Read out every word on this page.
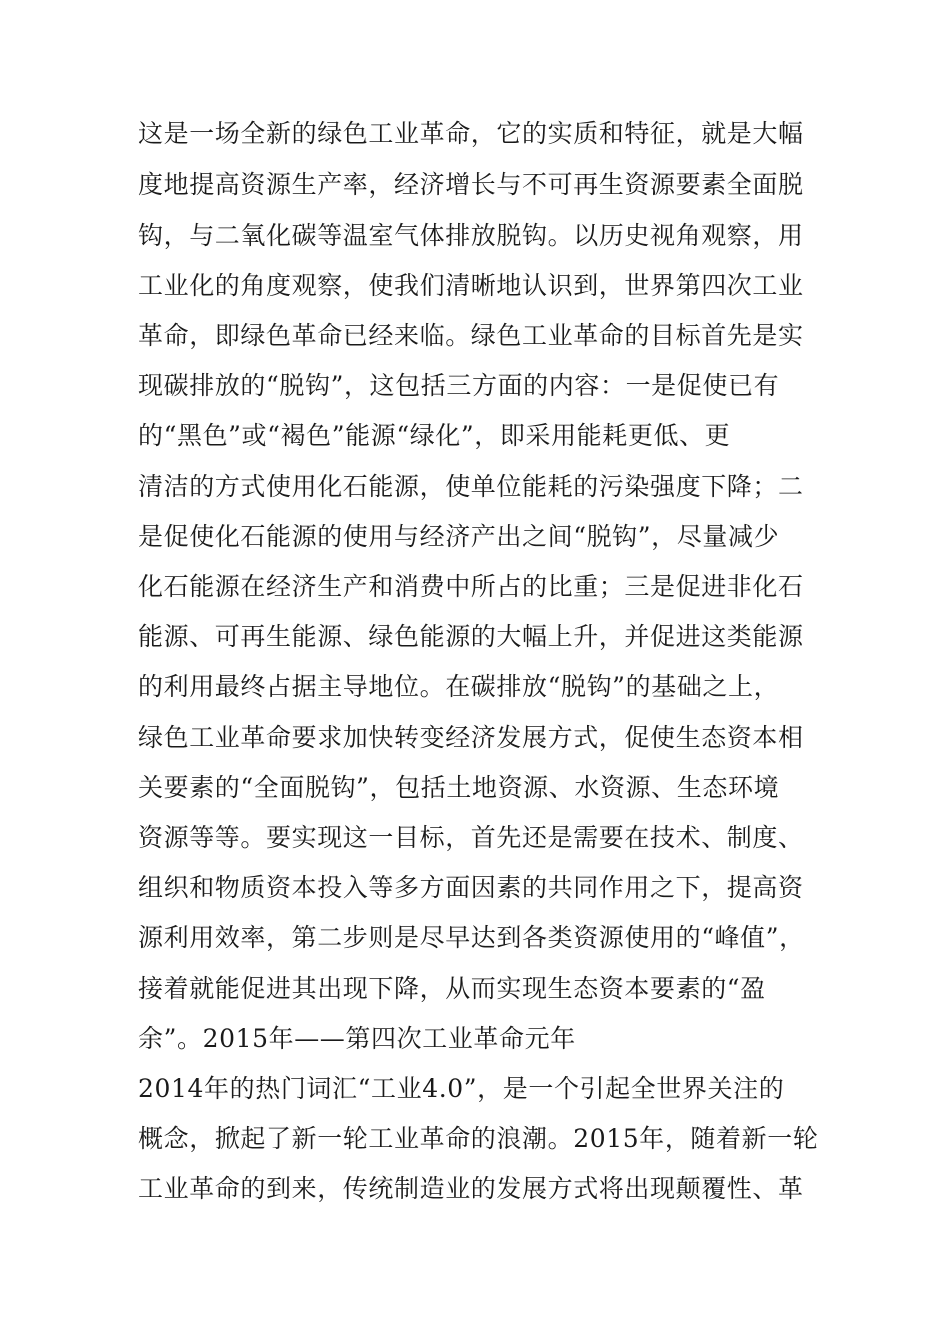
这是一场全新的绿色工业革命，它的实质和特征，就是大幅
度地提高资源生产率，经济增长与不可再生资源要素全面脱
钩，与二氧化碳等温室气体排放脱钩。以历史视角观察，用
工业化的角度观察，使我们清晰地认识到，世界第四次工业
革命，即绿色革命已经来临。绿色工业革命的目标首先是实
现碳排放的“脱钩”，这包括三方面的内容：一是促使已有
的“黑色”或“褐色”能源“绿化”，即采用能耗更低、更
清洁的方式使用化石能源，使单位能耗的污染强度下降；二
是促使化石能源的使用与经济产出之间“脱钩”，尽量减少
化石能源在经济生产和消费中所占的比重；三是促进非化石
能源、可再生能源、绿色能源的大幅上升，并促进这类能源
的利用最终占据主导地位。在碳排放“脱钩”的基础之上，
绿色工业革命要求加快转变经济发展方式，促使生态资本相
关要素的“全面脱钩”，包括土地资源、水资源、生态环境
资源等等。要实现这一目标，首先还是需要在技术、制度、
组织和物质资本投入等多方面因素的共同作用之下，提高资
源利用效率，第二步则是尽早达到各类资源使用的“峰值”，
接着就能促进其出现下降，从而实现生态资本要素的“盈
余”。2015年——第四次工业革命元年
2014年的热门词汇“工业4.0”，是一个引起全世界关注的
概念，掀起了新一轮工业革命的浪潮。2015年，随着新一轮
工业革命的到来，传统制造业的发展方式将出现颠覆性、革
